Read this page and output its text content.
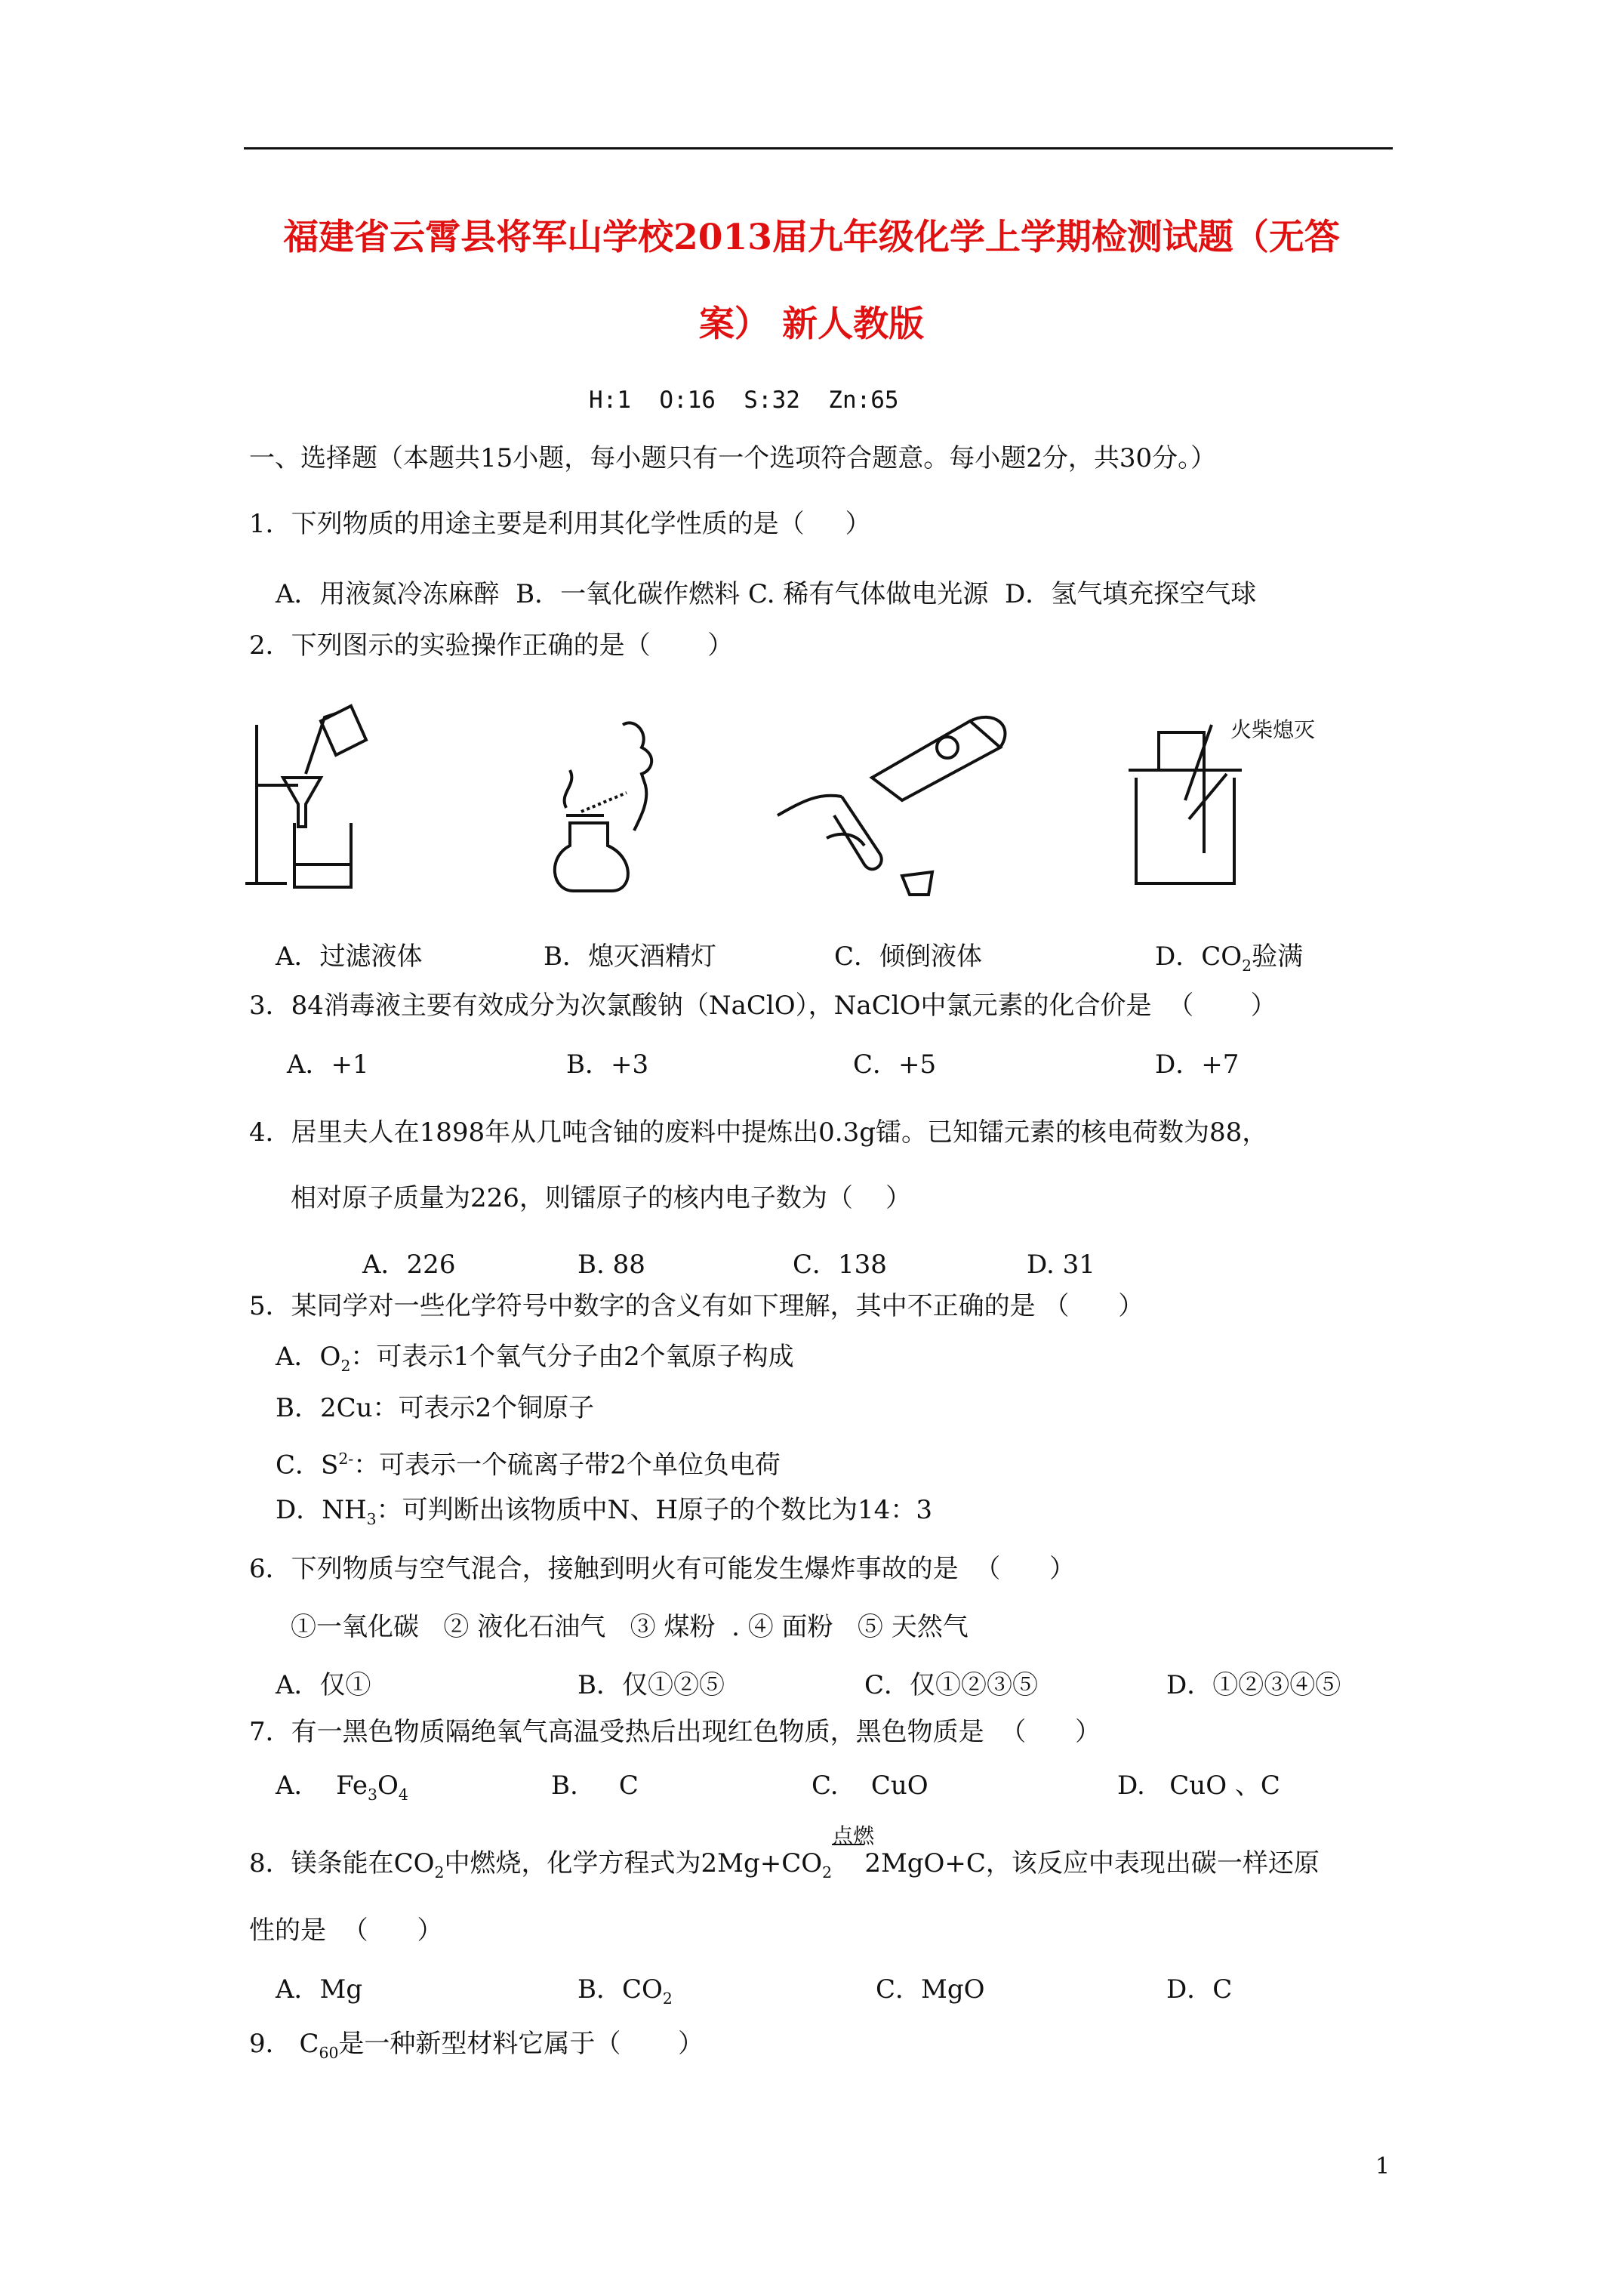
福建省云霄县将军山学校2013届九年级化学上学期检测试题（无答
案） 新人教版
H:1  O:16  S:32  Zn:65
一、选择题（本题共15小题，每小题只有一个选项符合题意。每小题2分，共30分。）
1．下列物质的用途主要是利用其化学性质的是（     ）
A．用液氮冷冻麻醉  B．一氧化碳作燃料 C. 稀有气体做电光源  D．氢气填充探空气球
2．下列图示的实验操作正确的是（       ）
火柴熄灭
A．过滤液体	B．熄灭酒精灯	C．倾倒液体	D．$CO_2$验满
3．84消毒液主要有效成分为次氯酸钠（NaClO），NaClO中氯元素的化合价是  （       ）
A．+1	B．+3	C．+5	D．+7
4．居里夫人在1898年从几吨含铀的废料中提炼出0.3g镭。已知镭元素的核电荷数为88，
相对原子质量为226，则镭原子的核内电子数为（    ）
A．226	B. 88	C．138	D. 31
5．某同学对一些化学符号中数字的含义有如下理解，其中不正确的是 （      ）
A．$O_2$：可表示1个氧气分子由2个氧原子构成
B．2Cu：可表示2个铜原子
C．$S^{2-}$：可表示一个硫离子带2个单位负电荷
D．$NH_3$：可判断出该物质中N、H原子的个数比为14：3
6．下列物质与空气混合，接触到明火有可能发生爆炸事故的是  （      ）
①一氧化碳   ② 液化石油气   ③ 煤粉  . ④ 面粉   ⑤ 天然气
A．仅①	B．仅①②⑤	C．仅①②③⑤	D．①②③④⑤
7．有一黑色物质隔绝氧气高温受热后出现红色物质，黑色物质是  （      ）
A．  $Fe_3O_4$	B.     C	C.    CuO	D.   CuO 、C
8．镁条能在$CO_2$中燃烧，化学方程式为$2Mg+CO_2$
点燃
2MgO+C，该反应中表现出碳一样还原
性的是  （      ）
A．Mg	B．$CO_2$	C．MgO	D．C
9． $C_{60}$是一种新型材料它属于（       ）
1
